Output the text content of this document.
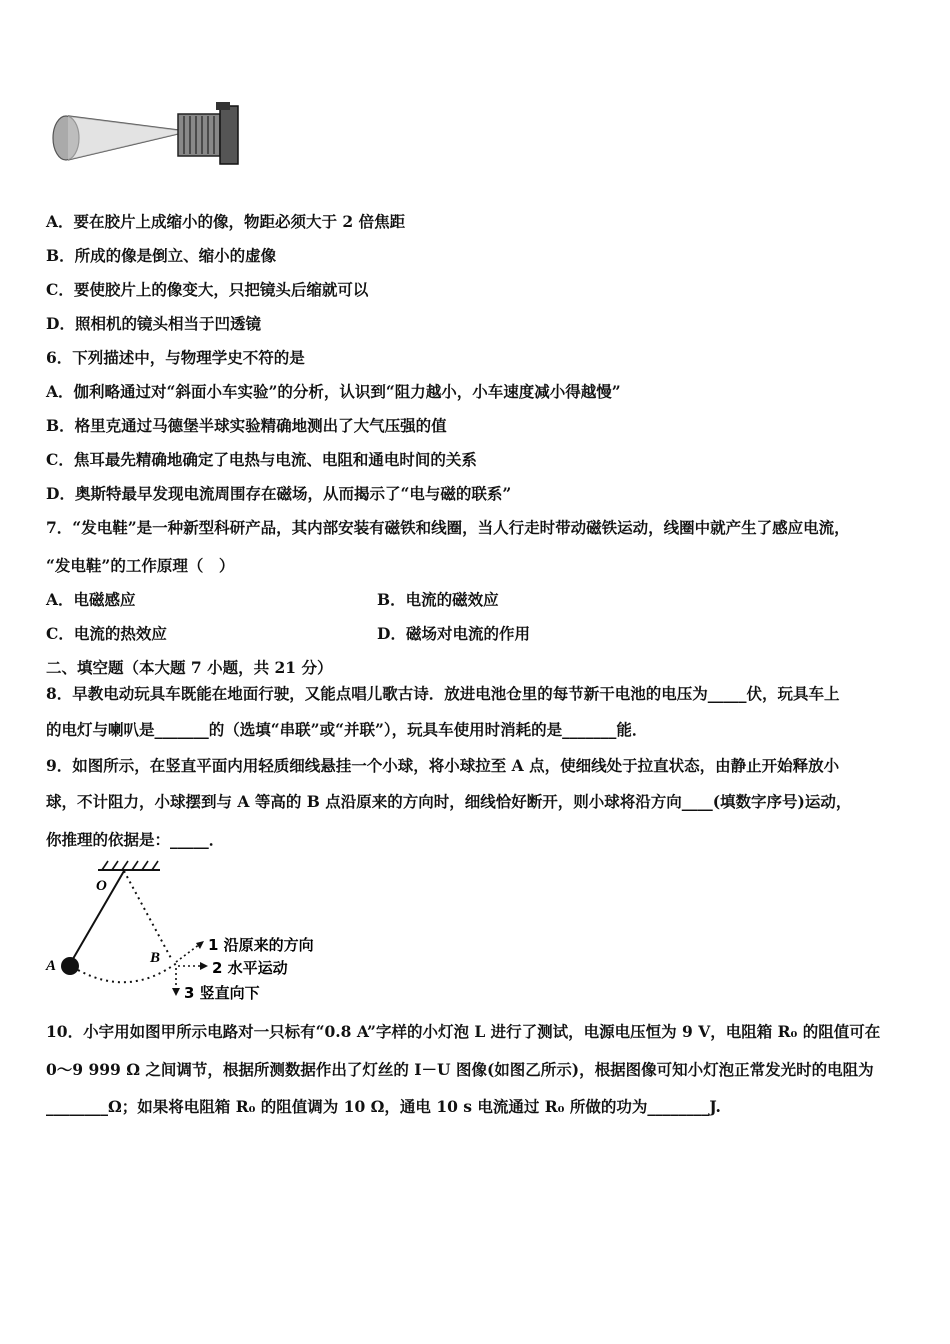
A．要在胶片上成缩小的像，物距必须大于 2 倍焦距
B．所成的像是倒立、缩小的虚像
C．要使胶片上的像变大，只把镜头后缩就可以
D．照相机的镜头相当于凹透镜
6．下列描述中，与物理学史不符的是
A．伽利略通过对“斜面小车实验”的分析，认识到“阻力越小，小车速度减小得越慢”
B．格里克通过马德堡半球实验精确地测出了大气压强的值
C．焦耳最先精确地确定了电热与电流、电阻和通电时间的关系
D．奥斯特最早发现电流周围存在磁场，从而揭示了“电与磁的联系”
7．“发电鞋”是一种新型科研产品，其内部安装有磁铁和线圈，当人行走时带动磁铁运动，线圈中就产生了感应电流，
“发电鞋”的工作原理（　）
A．电磁感应	B．电流的磁效应
C．电流的热效应	D．磁场对电流的作用
二、填空题（本大题 7 小题，共 21 分）
8．早教电动玩具车既能在地面行驶，又能点唱儿歌古诗．放进电池仓里的每节新干电池的电压为_____伏，玩具车上
的电灯与喇叭是_______的（选填“串联”或“并联”），玩具车使用时消耗的是_______能．
9．如图所示，在竖直平面内用轻质细线悬挂一个小球，将小球拉至 A 点，使细线处于拉直状态，由静止开始释放小
球，不计阻力，小球摆到与 A 等高的 B 点沿原来的方向时，细线恰好断开，则小球将沿方向____(填数字序号)运动，
你推理的依据是：_____．
O
A	B
1 沿原来的方向
2 水平运动
3 竖直向下
10．小宇用如图甲所示电路对一只标有“0.8 A”字样的小灯泡 L 进行了测试，电源电压恒为 9 V，电阻箱 R₀ 的阻值可在
0～9 999 Ω 之间调节，根据所测数据作出了灯丝的 I－U 图像(如图乙所示)，根据图像可知小灯泡正常发光时的电阻为
________Ω；如果将电阻箱 R₀ 的阻值调为 10 Ω，通电 10 s 电流通过 R₀ 所做的功为________J.
